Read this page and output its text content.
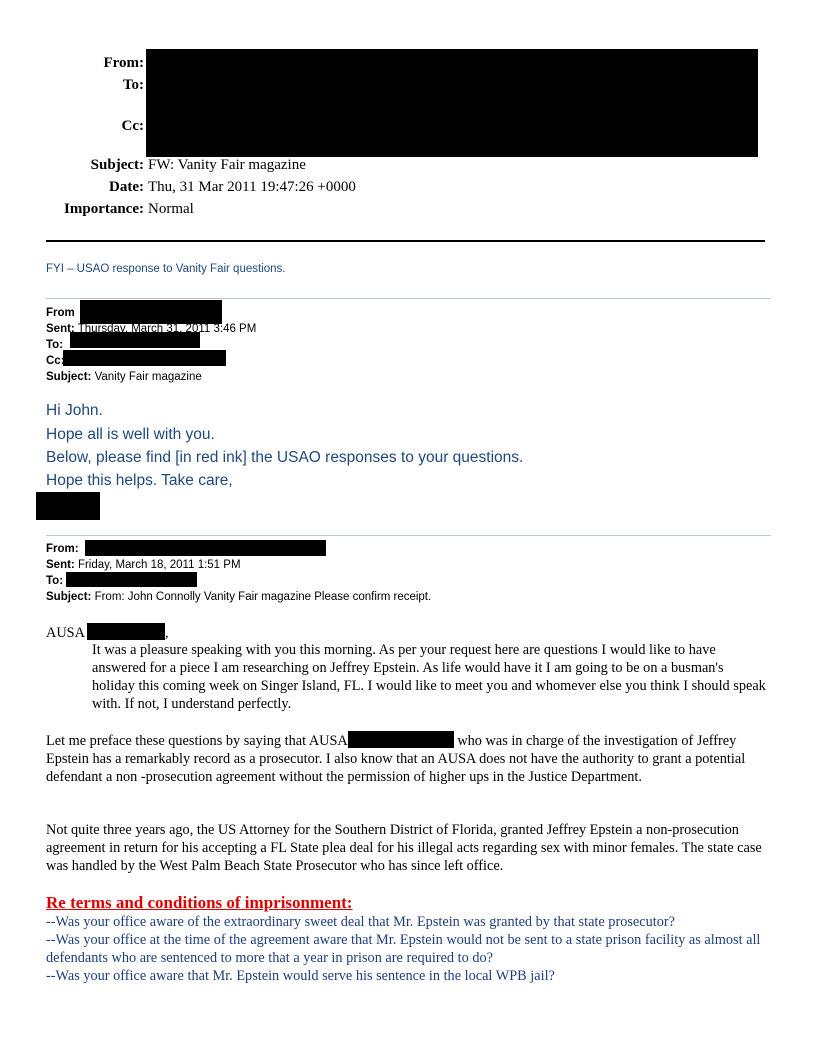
From:
To:
Cc:
Subject: FW: Vanity Fair magazine
Date: Thu, 31 Mar 2011 19:47:26 +0000
Importance: Normal
FYI – USAO response to Vanity Fair questions.
From
Sent: Thursday, March 31, 2011 3:46 PM
To:
Cc:
Subject: Vanity Fair magazine
Hi John.
Hope all is well with you.
Below, please find [in red ink] the USAO responses to your questions.
Hope this helps. Take care,
From:
Sent: Friday, March 18, 2011 1:51 PM
To:
Subject: From: John Connolly Vanity Fair magazine Please confirm receipt.
AUSA	,
It was a pleasure speaking with you this morning. As per your request here are questions I would like to have answered for a piece I am researching on Jeffrey Epstein. As life would have it I am going to be on a busman's holiday this coming week on Singer Island, FL. I would like to meet you and whomever else you think I should speak with. If not, I understand perfectly.
Let me preface these questions by saying that AUSA	who was in charge of the investigation of Jeffrey Epstein has a remarkably record as a prosecutor. I also know that an AUSA does not have the authority to grant a potential defendant a non -prosecution agreement without the permission of higher ups in the Justice Department.
Not quite three years ago, the US Attorney for the Southern District of Florida, granted Jeffrey Epstein a non-prosecution agreement in return for his accepting a FL State plea deal for his illegal acts regarding sex with minor females. The state case was handled by the West Palm Beach State Prosecutor who has since left office.
Re terms and conditions of imprisonment:
--Was your office aware of the extraordinary sweet deal that Mr. Epstein was granted by that state prosecutor?
--Was your office at the time of the agreement aware that Mr. Epstein would not be sent to a state prison facility as almost all defendants who are sentenced to more that a year in prison are required to do?
--Was your office aware that Mr. Epstein would serve his sentence in the local WPB jail?
